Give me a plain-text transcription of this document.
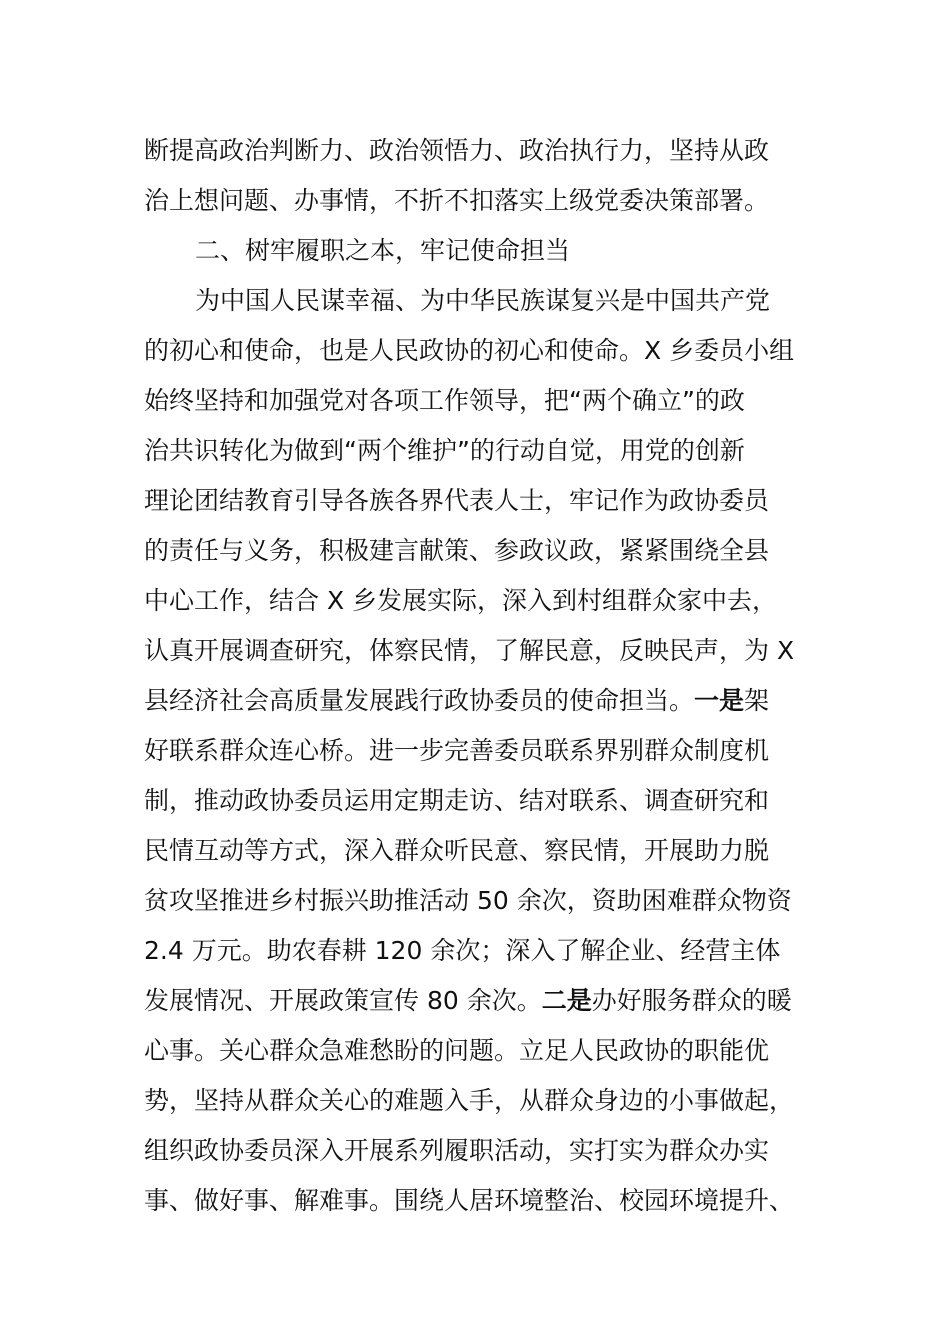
断提高政治判断力、政治领悟力、政治执行力，坚持从政
治上想问题、办事情，不折不扣落实上级党委决策部署。
二、树牢履职之本，牢记使命担当
为中国人民谋幸福、为中华民族谋复兴是中国共产党
的初心和使命，也是人民政协的初心和使命。X 乡委员小组
始终坚持和加强党对各项工作领导，把“两个确立”的政
治共识转化为做到“两个维护”的行动自觉，用党的创新
理论团结教育引导各族各界代表人士，牢记作为政协委员
的责任与义务，积极建言献策、参政议政，紧紧围绕全县
中心工作，结合 X 乡发展实际，深入到村组群众家中去，
认真开展调查研究，体察民情，了解民意，反映民声，为 X
县经济社会高质量发展践行政协委员的使命担当。一是架
好联系群众连心桥。进一步完善委员联系界别群众制度机
制，推动政协委员运用定期走访、结对联系、调查研究和
民情互动等方式，深入群众听民意、察民情，开展助力脱
贫攻坚推进乡村振兴助推活动 50 余次，资助困难群众物资
2.4 万元。助农春耕 120 余次；深入了解企业、经营主体
发展情况、开展政策宣传 80 余次。二是办好服务群众的暖
心事。关心群众急难愁盼的问题。立足人民政协的职能优
势，坚持从群众关心的难题入手，从群众身边的小事做起，
组织政协委员深入开展系列履职活动，实打实为群众办实
事、做好事、解难事。围绕人居环境整治、校园环境提升、
